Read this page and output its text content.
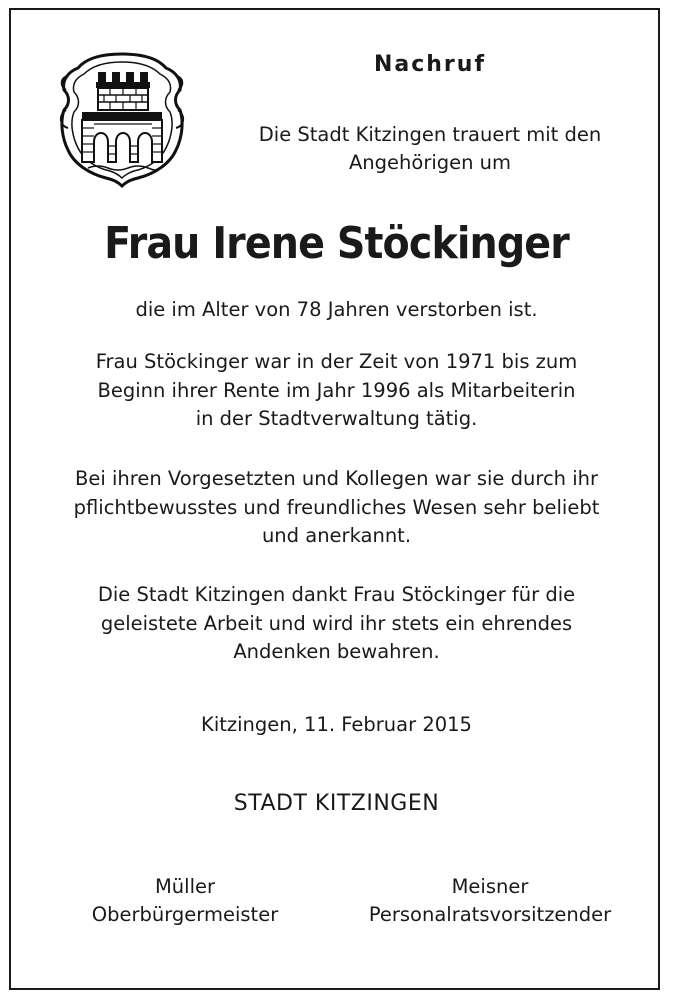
Nachruf
Die Stadt Kitzingen trauert mit den
Angehörigen um
Frau Irene Stöckinger
die im Alter von 78 Jahren verstorben ist.
Frau Stöckinger war in der Zeit von 1971 bis zum
Beginn ihrer Rente im Jahr 1996 als Mitarbeiterin
in der Stadtverwaltung tätig.
Bei ihren Vorgesetzten und Kollegen war sie durch ihr
pflichtbewusstes und freundliches Wesen sehr beliebt
und anerkannt.
Die Stadt Kitzingen dankt Frau Stöckinger für die
geleistete Arbeit und wird ihr stets ein ehrendes
Andenken bewahren.
Kitzingen, 11. Februar 2015
STADT KITZINGEN
Müller
Oberbürgermeister
Meisner
Personalratsvorsitzender
